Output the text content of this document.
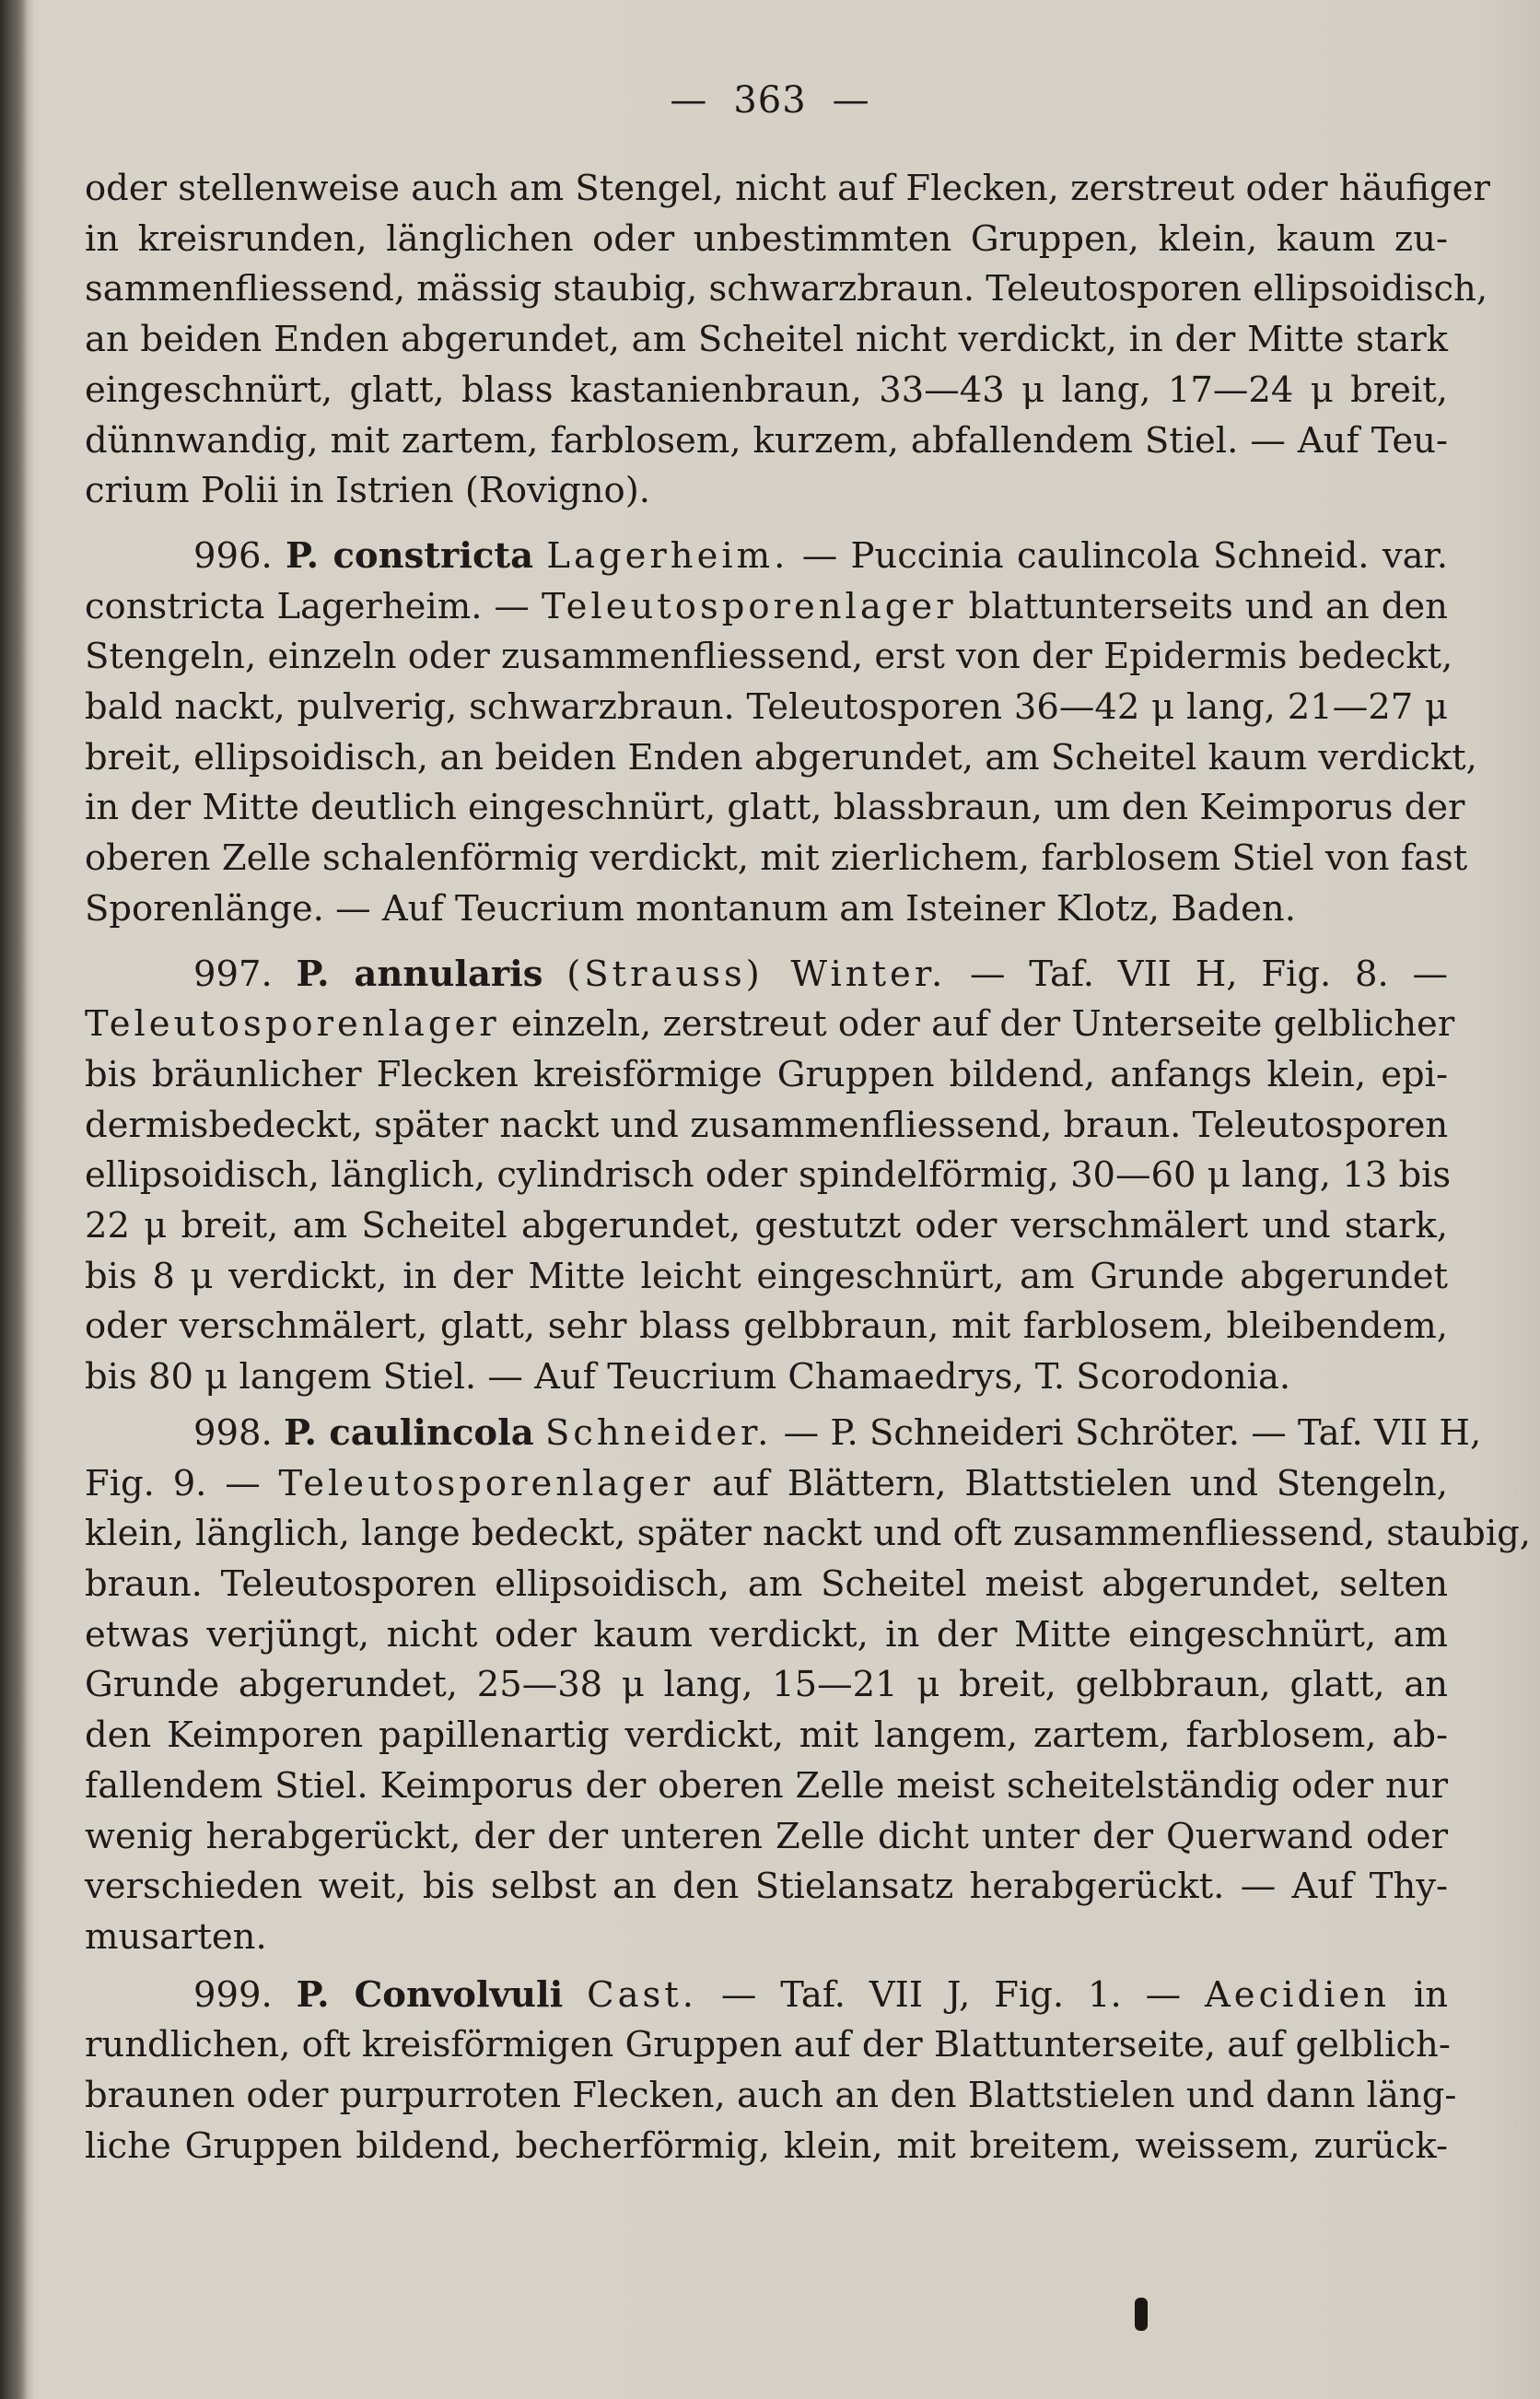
— 363 —
oder stellenweise auch am Stengel, nicht auf Flecken, zerstreut oder häufiger
in kreisrunden, länglichen oder unbestimmten Gruppen, klein, kaum zu-
sammenfliessend, mässig staubig, schwarzbraun. Teleutosporen ellipsoidisch,
an beiden Enden abgerundet, am Scheitel nicht verdickt, in der Mitte stark
eingeschnürt, glatt, blass kastanienbraun, 33—43 μ lang, 17—24 μ breit,
dünnwandig, mit zartem, farblosem, kurzem, abfallendem Stiel. — Auf Teu-
crium Polii in Istrien (Rovigno).
996. P. constricta Lagerheim. — Puccinia caulincola Schneid. var.
constricta Lagerheim. — Teleutosporenlager blattunterseits und an den
Stengeln, einzeln oder zusammenfliessend, erst von der Epidermis bedeckt,
bald nackt, pulverig, schwarzbraun. Teleutosporen 36—42 μ lang, 21—27 μ
breit, ellipsoidisch, an beiden Enden abgerundet, am Scheitel kaum verdickt,
in der Mitte deutlich eingeschnürt, glatt, blassbraun, um den Keimporus der
oberen Zelle schalenförmig verdickt, mit zierlichem, farblosem Stiel von fast
Sporenlänge. — Auf Teucrium montanum am Isteiner Klotz, Baden.
997. P. annularis (Strauss) Winter. — Taf. VII H, Fig. 8. —
Teleutosporenlager einzeln, zerstreut oder auf der Unterseite gelblicher
bis bräunlicher Flecken kreisförmige Gruppen bildend, anfangs klein, epi-
dermisbedeckt, später nackt und zusammenfliessend, braun. Teleutosporen
ellipsoidisch, länglich, cylindrisch oder spindelförmig, 30—60 μ lang, 13 bis
22 μ breit, am Scheitel abgerundet, gestutzt oder verschmälert und stark,
bis 8 μ verdickt, in der Mitte leicht eingeschnürt, am Grunde abgerundet
oder verschmälert, glatt, sehr blass gelbbraun, mit farblosem, bleibendem,
bis 80 μ langem Stiel. — Auf Teucrium Chamaedrys, T. Scorodonia.
998. P. caulincola Schneider. — P. Schneideri Schröter. — Taf. VII H,
Fig. 9. — Teleutosporenlager auf Blättern, Blattstielen und Stengeln,
klein, länglich, lange bedeckt, später nackt und oft zusammenfliessend, staubig,
braun. Teleutosporen ellipsoidisch, am Scheitel meist abgerundet, selten
etwas verjüngt, nicht oder kaum verdickt, in der Mitte eingeschnürt, am
Grunde abgerundet, 25—38 μ lang, 15—21 μ breit, gelbbraun, glatt, an
den Keimporen papillenartig verdickt, mit langem, zartem, farblosem, ab-
fallendem Stiel. Keimporus der oberen Zelle meist scheitelständig oder nur
wenig herabgerückt, der der unteren Zelle dicht unter der Querwand oder
verschieden weit, bis selbst an den Stielansatz herabgerückt. — Auf Thy-
musarten.
999. P. Convolvuli Cast. — Taf. VII J, Fig. 1. — Aecidien in
rundlichen, oft kreisförmigen Gruppen auf der Blattunterseite, auf gelblich-
braunen oder purpurroten Flecken, auch an den Blattstielen und dann läng-
liche Gruppen bildend, becherförmig, klein, mit breitem, weissem, zurück-
